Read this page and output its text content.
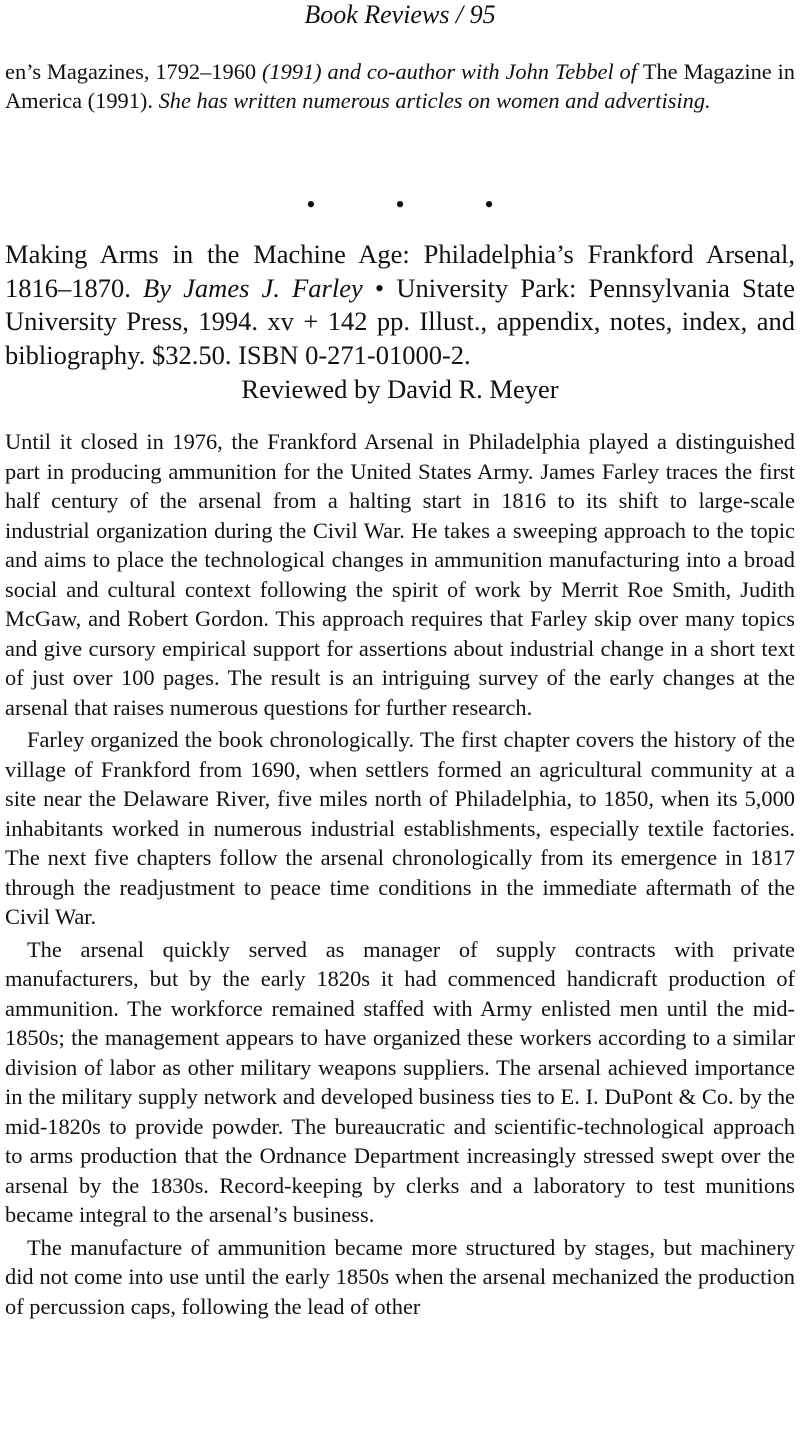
Book Reviews / 95

en’s Magazines, 1792–1960 (1991) and co-author with John Tebbel of The Magazine in America (1991). She has written numerous articles on women and advertising.

•	•	•

Making Arms in the Machine Age: Philadelphia’s Frankford Arsenal, 1816–1870. By James J. Farley • University Park: Pennsylvania State University Press, 1994. xv + 142 pp. Illust., appendix, notes, index, and bibliography. $32.50. ISBN 0-271-01000-2.

Reviewed by David R. Meyer

Until it closed in 1976, the Frankford Arsenal in Philadelphia played a distinguished part in producing ammunition for the United States Army. James Farley traces the first half century of the arsenal from a halting start in 1816 to its shift to large-scale industrial organization during the Civil War. He takes a sweeping approach to the topic and aims to place the technological changes in ammunition manufacturing into a broad social and cultural context following the spirit of work by Merrit Roe Smith, Judith McGaw, and Robert Gordon. This approach requires that Farley skip over many topics and give cursory empirical support for assertions about industrial change in a short text of just over 100 pages. The result is an intriguing survey of the early changes at the arsenal that raises numerous questions for further research.

Farley organized the book chronologically. The first chapter covers the history of the village of Frankford from 1690, when settlers formed an agricultural community at a site near the Delaware River, five miles north of Philadelphia, to 1850, when its 5,000 inhabitants worked in numerous industrial establishments, especially textile factories. The next five chapters follow the arsenal chronologically from its emergence in 1817 through the readjustment to peace time conditions in the immediate aftermath of the Civil War.

The arsenal quickly served as manager of supply contracts with private manufacturers, but by the early 1820s it had commenced handicraft production of ammunition. The workforce remained staffed with Army enlisted men until the mid-1850s; the management appears to have organized these workers according to a similar division of labor as other military weapons suppliers. The arsenal achieved importance in the military supply network and developed business ties to E. I. DuPont & Co. by the mid-1820s to provide powder. The bureaucratic and scientific-technological approach to arms production that the Ordnance Department increasingly stressed swept over the arsenal by the 1830s. Record-keeping by clerks and a laboratory to test munitions became integral to the arsenal’s business.

The manufacture of ammunition became more structured by stages, but machinery did not come into use until the early 1850s when the arsenal mechanized the production of percussion caps, following the lead of other
